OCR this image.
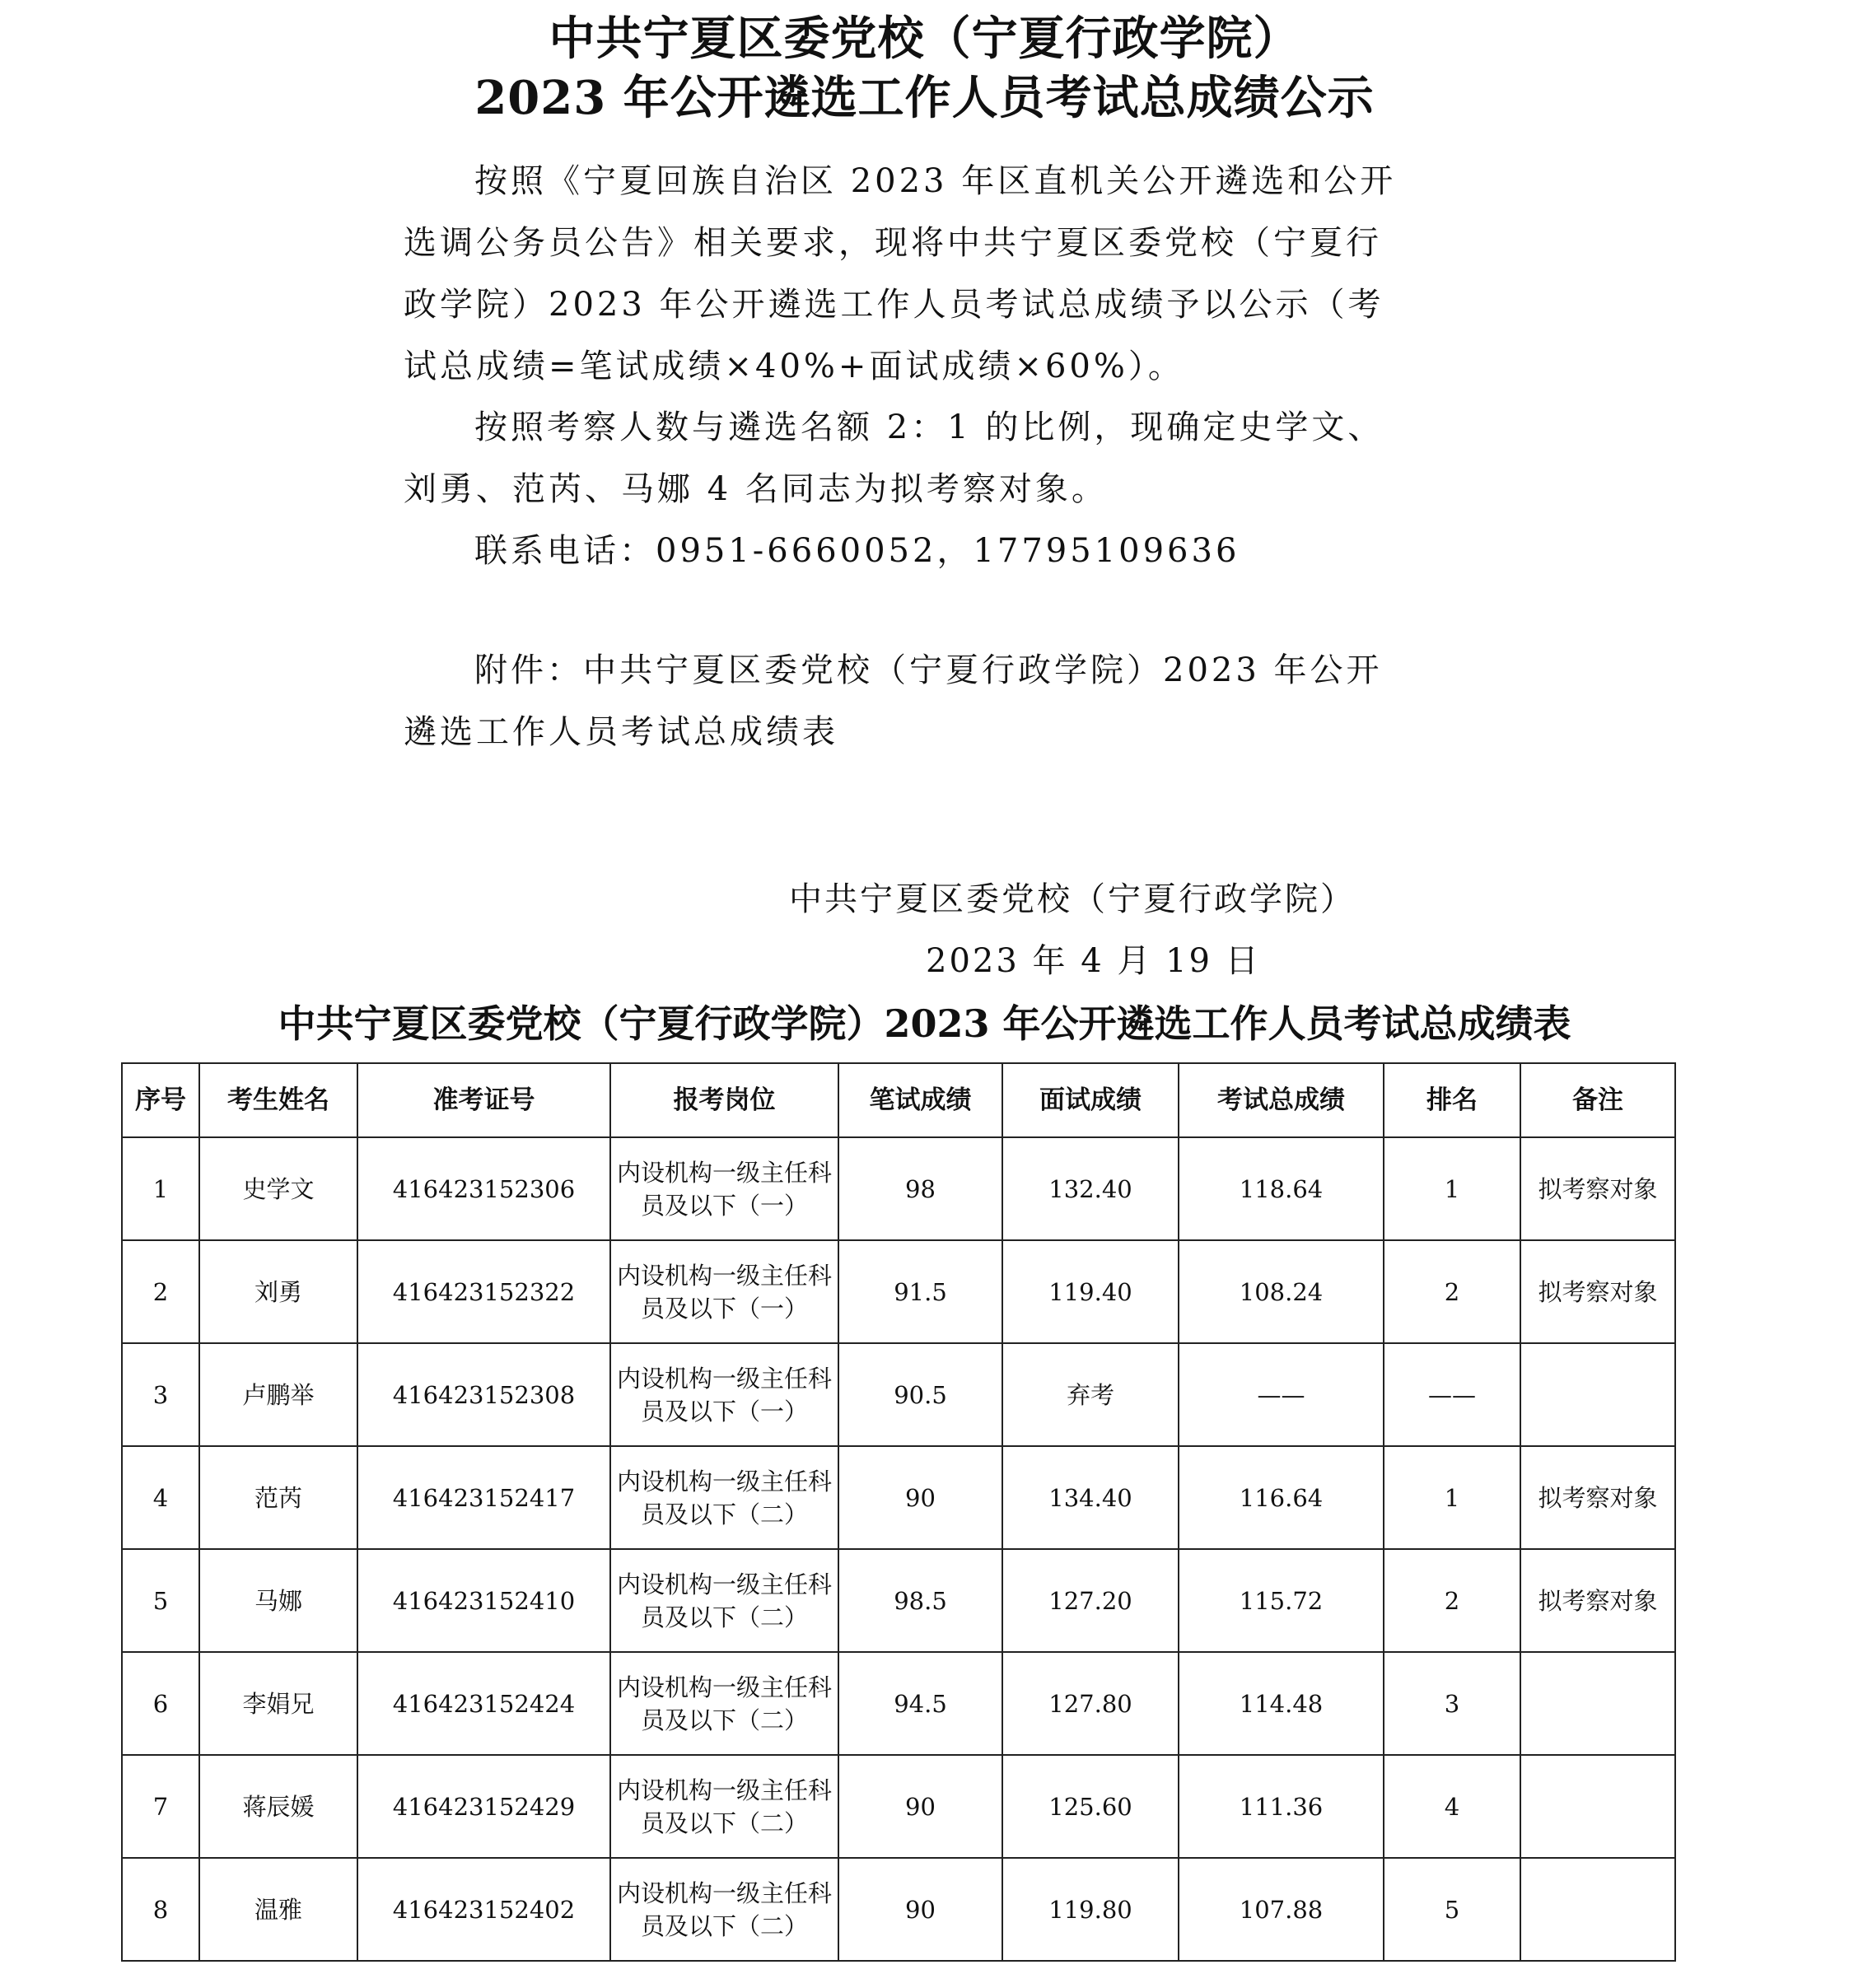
中共宁夏区委党校（宁夏行政学院）
2023 年公开遴选工作人员考试总成绩公示
按照《宁夏回族自治区 2023 年区直机关公开遴选和公开选调公务员公告》相关要求，现将中共宁夏区委党校（宁夏行政学院）2023 年公开遴选工作人员考试总成绩予以公示（考试总成绩=笔试成绩×40%+面试成绩×60%）。
按照考察人数与遴选名额 2：1 的比例，现确定史学文、刘勇、范芮、马娜 4 名同志为拟考察对象。
联系电话：0951-6660052，17795109636
附件：中共宁夏区委党校（宁夏行政学院）2023 年公开遴选工作人员考试总成绩表
中共宁夏区委党校（宁夏行政学院）
2023 年 4 月 19 日
中共宁夏区委党校（宁夏行政学院）2023 年公开遴选工作人员考试总成绩表
序号	考生姓名	准考证号	报考岗位	笔试成绩	面试成绩	考试总成绩	排名	备注
1	史学文	416423152306	内设机构一级主任科员及以下（一）	98	132.40	118.64	1	拟考察对象
2	刘勇	416423152322	内设机构一级主任科员及以下（一）	91.5	119.40	108.24	2	拟考察对象
3	卢鹏举	416423152308	内设机构一级主任科员及以下（一）	90.5	弃考	——	——	
4	范芮	416423152417	内设机构一级主任科员及以下（二）	90	134.40	116.64	1	拟考察对象
5	马娜	416423152410	内设机构一级主任科员及以下（二）	98.5	127.20	115.72	2	拟考察对象
6	李娟兄	416423152424	内设机构一级主任科员及以下（二）	94.5	127.80	114.48	3	
7	蒋辰媛	416423152429	内设机构一级主任科员及以下（二）	90	125.60	111.36	4	
8	温雅	416423152402	内设机构一级主任科员及以下（二）	90	119.80	107.88	5	
